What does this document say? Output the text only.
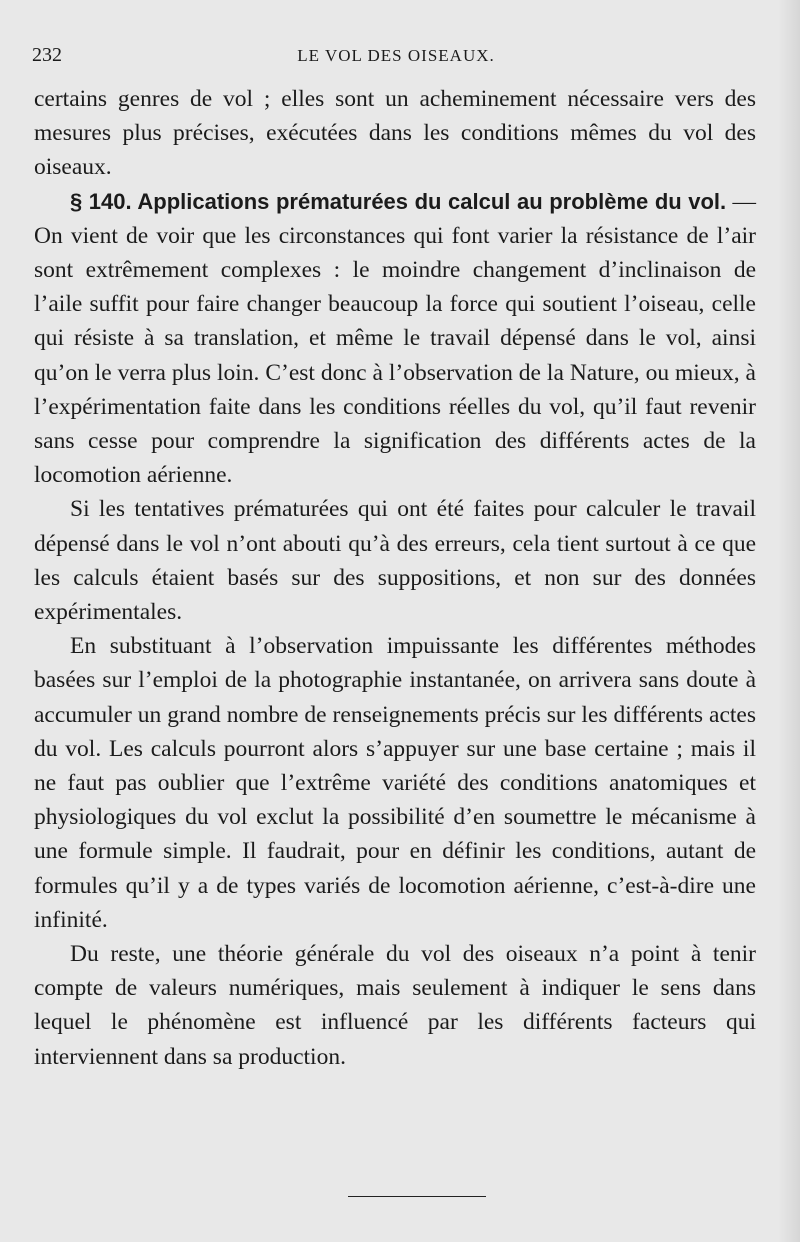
232	LE VOL DES OISEAUX.

certains genres de vol ; elles sont un acheminement nécessaire vers des mesures plus précises, exécutées dans les conditions mêmes du vol des oiseaux.

§ 140. Applications prématurées du calcul au problème du vol. — On vient de voir que les circonstances qui font varier la résistance de l’air sont extrêmement complexes : le moindre changement d’inclinaison de l’aile suffit pour faire changer beaucoup la force qui soutient l’oiseau, celle qui résiste à sa translation, et même le travail dépensé dans le vol, ainsi qu’on le verra plus loin. C’est donc à l’observation de la Nature, ou mieux, à l’expérimentation faite dans les conditions réelles du vol, qu’il faut revenir sans cesse pour comprendre la signification des différents actes de la locomotion aérienne.

Si les tentatives prématurées qui ont été faites pour calculer le travail dépensé dans le vol n’ont abouti qu’à des erreurs, cela tient surtout à ce que les calculs étaient basés sur des suppositions, et non sur des données expérimentales.

En substituant à l’observation impuissante les différentes méthodes basées sur l’emploi de la photographie instantanée, on arrivera sans doute à accumuler un grand nombre de renseignements précis sur les différents actes du vol. Les calculs pourront alors s’appuyer sur une base certaine ; mais il ne faut pas oublier que l’extrême variété des conditions anatomiques et physiologiques du vol exclut la possibilité d’en soumettre le mécanisme à une formule simple. Il faudrait, pour en définir les conditions, autant de formules qu’il y a de types variés de locomotion aérienne, c’est-à-dire une infinité.

Du reste, une théorie générale du vol des oiseaux n’a point à tenir compte de valeurs numériques, mais seulement à indiquer le sens dans lequel le phénomène est influencé par les différents facteurs qui interviennent dans sa production.
